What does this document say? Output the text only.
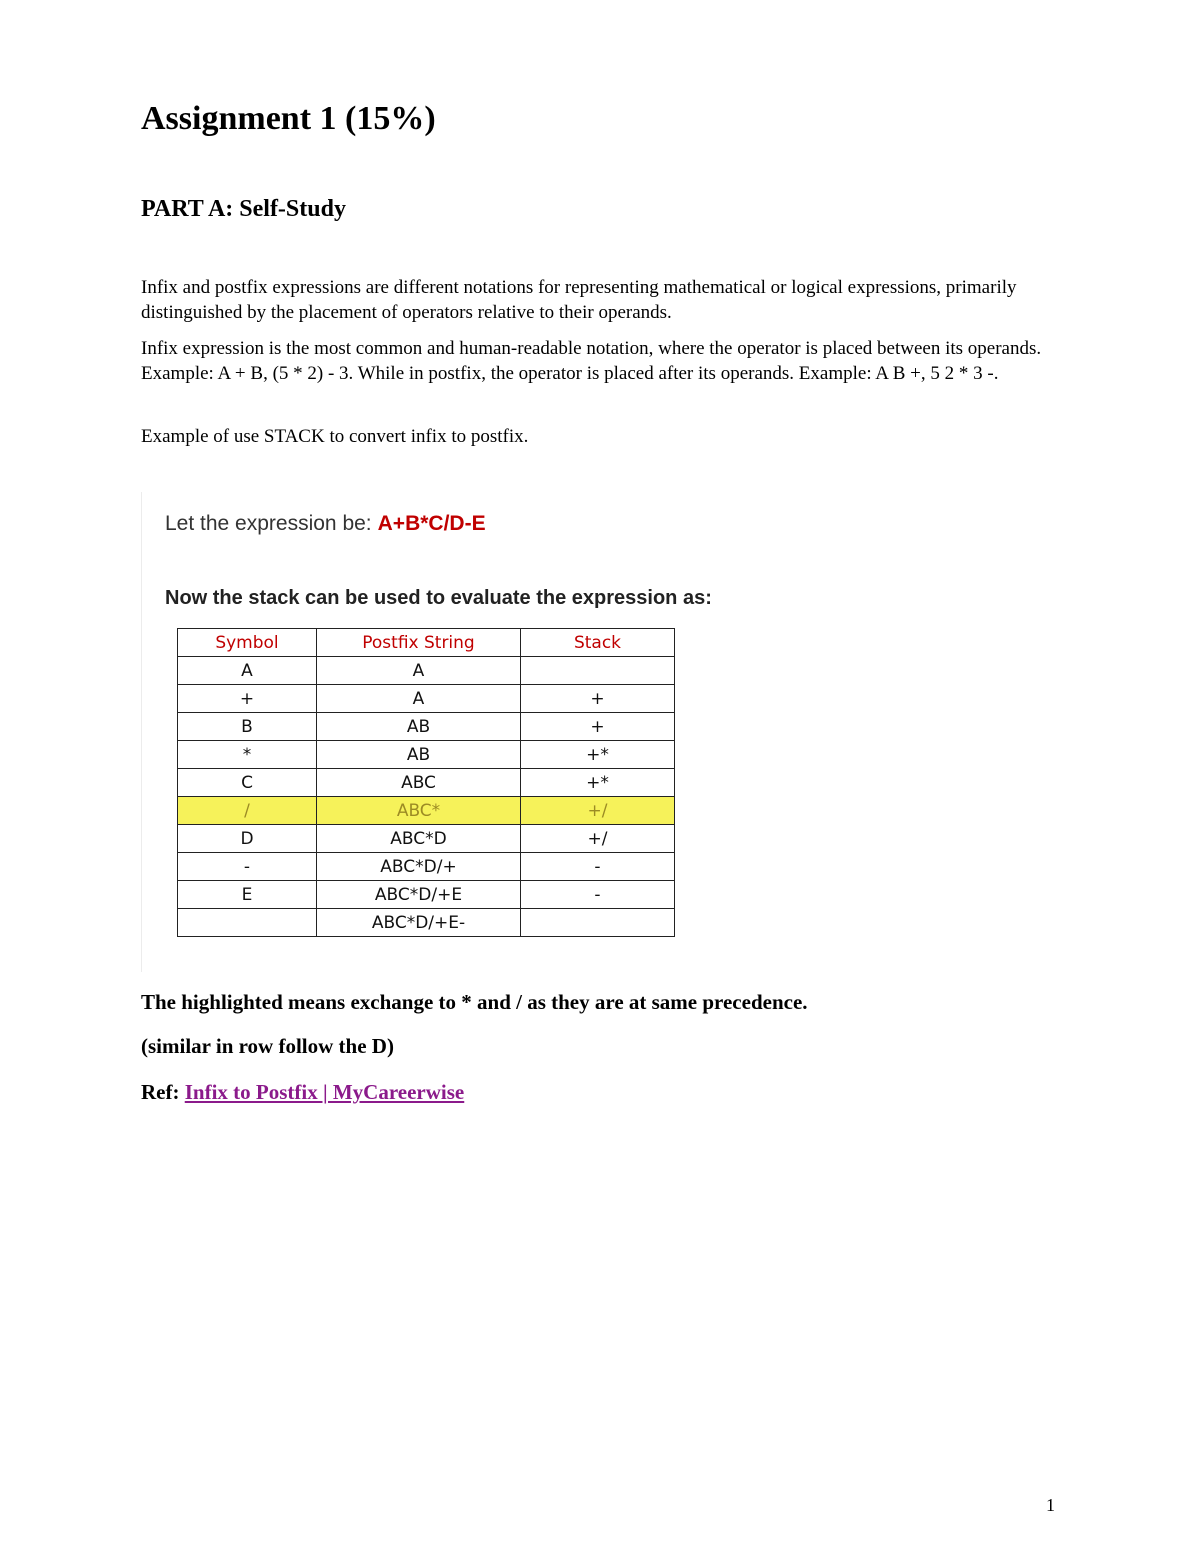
Assignment 1 (15%)
PART A: Self-Study

Infix and postfix expressions are different notations for representing mathematical or logical expressions, primarily distinguished by the placement of operators relative to their operands.

Infix expression is the most common and human-readable notation, where the operator is placed between its operands. Example: A + B, (5 * 2) - 3. While in postfix, the operator is placed after its operands. Example: A B +, 5 2 * 3 -.

Example of use STACK to convert infix to postfix.

Let the expression be: A+B*C/D-E
Now the stack can be used to evaluate the expression as:
Symbol	Postfix String	Stack
A	A	
+	A	+
B	AB	+
*	AB	+*
C	ABC	+*
/	ABC*	+/
D	ABC*D	+/
-	ABC*D/+	-
E	ABC*D/+E	-
	ABC*D/+E-	

The highlighted means exchange to * and / as they are at same precedence.

(similar in row follow the D)

Ref: Infix to Postfix | MyCareerwise

1
